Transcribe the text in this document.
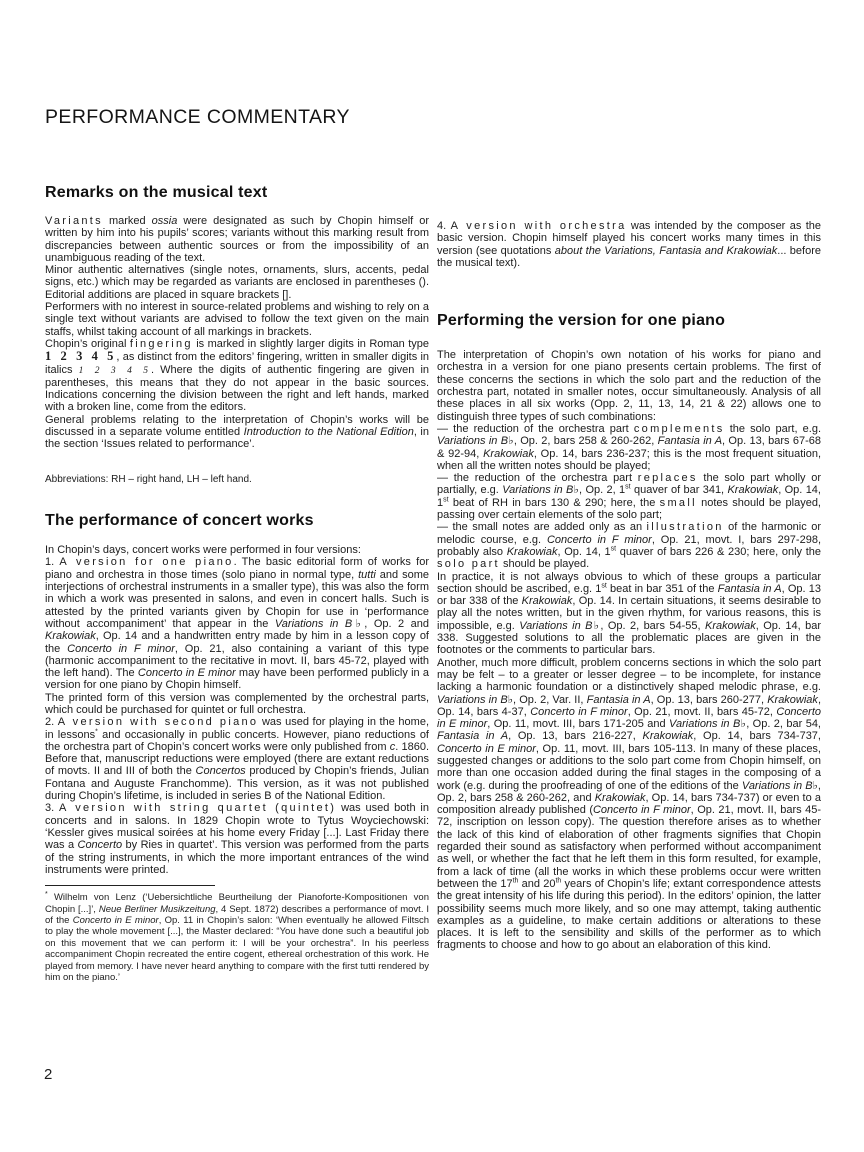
PERFORMANCE COMMENTARY
Remarks on the musical text

Variants marked ossia were designated as such by Chopin himself or written by him into his pupils’ scores; variants without this marking result from discrepancies between authentic sources or from the impossibility of an unambiguous reading of the text.

Minor authentic alternatives (single notes, ornaments, slurs, accents, pedal signs, etc.) which may be regarded as variants are enclosed in parentheses (). Editorial additions are placed in square brackets [].

Performers with no interest in source-related problems and wishing to rely on a single text without variants are advised to follow the text given on the main staffs, whilst taking account of all markings in brackets.

Chopin’s original fingering is marked in slightly larger digits in Roman type 1 2 3 4 5, as distinct from the editors’ fingering, written in smaller digits in italics 1 2 3 4 5. Where the digits of authentic fingering are given in parentheses, this means that they do not appear in the basic sources. Indications concerning the division between the right and left hands, marked with a broken line, come from the editors.

General problems relating to the interpretation of Chopin’s works will be discussed in a separate volume entitled Introduction to the National Edition, in the section ‘Issues related to performance’.

Abbreviations: RH – right hand, LH – left hand.

The performance of concert works

In Chopin’s days, concert works were performed in four versions:

1. A version for one piano. The basic editorial form of works for piano and orchestra in those times (solo piano in normal type, tutti and some interjections of orchestral instruments in a smaller type), this was also the form in which a work was presented in salons, and even in concert halls. Such is attested by the printed variants given by Chopin for use in ‘performance without accompaniment’ that appear in the Variations in B♭, Op. 2 and Krakowiak, Op. 14 and a handwritten entry made by him in a lesson copy of the Concerto in F minor, Op. 21, also containing a variant of this type (harmonic accompaniment to the recitative in movt. II, bars 45-72, played with the left hand). The Concerto in E minor may have been performed publicly in a version for one piano by Chopin himself.

The printed form of this version was complemented by the orchestral parts, which could be purchased for quintet or full orchestra.

2. A version with second piano was used for playing in the home, in lessons* and occasionally in public concerts. However, piano reductions of the orchestra part of Chopin’s concert works were only published from c. 1860. Before that, manuscript reductions were employed (there are extant reductions of movts. II and III of both the Concertos produced by Chopin’s friends, Julian Fontana and Auguste Franchomme). This version, as it was not published during Chopin’s lifetime, is included in series B of the National Edition.

3. A version with string quartet (quintet) was used both in concerts and in salons. In 1829 Chopin wrote to Tytus Woyciechowski: ‘Kessler gives musical soirées at his home every Friday [...]. Last Friday there was a Concerto by Ries in quartet’. This version was performed from the parts of the string instruments, in which the more important entrances of the wind instruments were printed.

* Wilhelm von Lenz (‘Uebersichtliche Beurtheilung der Pianoforte-Kompositionen von Chopin [...]’, Neue Berliner Musikzeitung, 4 Sept. 1872) describes a performance of movt. I of the Concerto in E minor, Op. 11 in Chopin’s salon: ‘When eventually he allowed Filtsch to play the whole movement [...], the Master declared: “You have done such a beautiful job on this movement that we can perform it: I will be your orchestra”. In his peerless accompaniment Chopin recreated the entire cogent, ethereal orchestration of this work. He played from memory. I have never heard anything to compare with the first tutti rendered by him on the piano.’

4. A version with orchestra was intended by the composer as the basic version. Chopin himself played his concert works many times in this version (see quotations about the Variations, Fantasia and Krakowiak... before the musical text).

Performing the version for one piano

The interpretation of Chopin’s own notation of his works for piano and orchestra in a version for one piano presents certain problems. The first of these concerns the sections in which the solo part and the reduction of the orchestra part, notated in smaller notes, occur simultaneously. Analysis of all these places in all six works (Opp. 2, 11, 13, 14, 21 & 22) allows one to distinguish three types of such combinations:

— the reduction of the orchestra part complements the solo part, e.g. Variations in B♭, Op. 2, bars 258 & 260-262, Fantasia in A, Op. 13, bars 67-68 & 92-94, Krakowiak, Op. 14, bars 236-237; this is the most frequent situation, when all the written notes should be played;

— the reduction of the orchestra part replaces the solo part wholly or partially, e.g. Variations in B♭, Op. 2, 1st quaver of bar 341, Krakowiak, Op. 14, 1st beat of RH in bars 130 & 290; here, the small notes should be played, passing over certain elements of the solo part;

— the small notes are added only as an illustration of the harmonic or melodic course, e.g. Concerto in F minor, Op. 21, movt. I, bars 297-298, probably also Krakowiak, Op. 14, 1st quaver of bars 226 & 230; here, only the solo part should be played.

In practice, it is not always obvious to which of these groups a particular section should be ascribed, e.g. 1st beat in bar 351 of the Fantasia in A, Op. 13 or bar 338 of the Krakowiak, Op. 14. In certain situations, it seems desirable to play all the notes written, but in the given rhythm, for various reasons, this is impossible, e.g. Variations in B♭, Op. 2, bars 54-55, Krakowiak, Op. 14, bar 338. Suggested solutions to all the problematic places are given in the footnotes or the comments to particular bars.

Another, much more difficult, problem concerns sections in which the solo part may be felt – to a greater or lesser degree – to be incomplete, for instance lacking a harmonic foundation or a distinctively shaped melodic phrase, e.g. Variations in B♭, Op. 2, Var. II, Fantasia in A, Op. 13, bars 260-277, Krakowiak, Op. 14, bars 4-37, Concerto in F minor, Op. 21, movt. II, bars 45-72, Concerto in E minor, Op. 11, movt. III, bars 171-205 and Variations in B♭, Op. 2, bar 54, Fantasia in A, Op. 13, bars 216-227, Krakowiak, Op. 14, bars 734-737, Concerto in E minor, Op. 11, movt. III, bars 105-113. In many of these places, suggested changes or additions to the solo part come from Chopin himself, on more than one occasion added during the final stages in the composing of a work (e.g. during the proofreading of one of the editions of the Variations in B♭, Op. 2, bars 258 & 260-262, and Krakowiak, Op. 14, bars 734-737) or even to a composition already published (Concerto in F minor, Op. 21, movt. II, bars 45-72, inscription on lesson copy). The question therefore arises as to whether the lack of this kind of elaboration of other fragments signifies that Chopin regarded their sound as satisfactory when performed without accompaniment as well, or whether the fact that he left them in this form resulted, for example, from a lack of time (all the works in which these problems occur were written between the 17th and 20th years of Chopin’s life; extant correspondence attests the great intensity of his life during this period). In the editors’ opinion, the latter possibility seems much more likely, and so one may attempt, taking authentic examples as a guideline, to make certain additions or alterations to these places. It is left to the sensibility and skills of the performer as to which fragments to choose and how to go about an elaboration of this kind.

2
